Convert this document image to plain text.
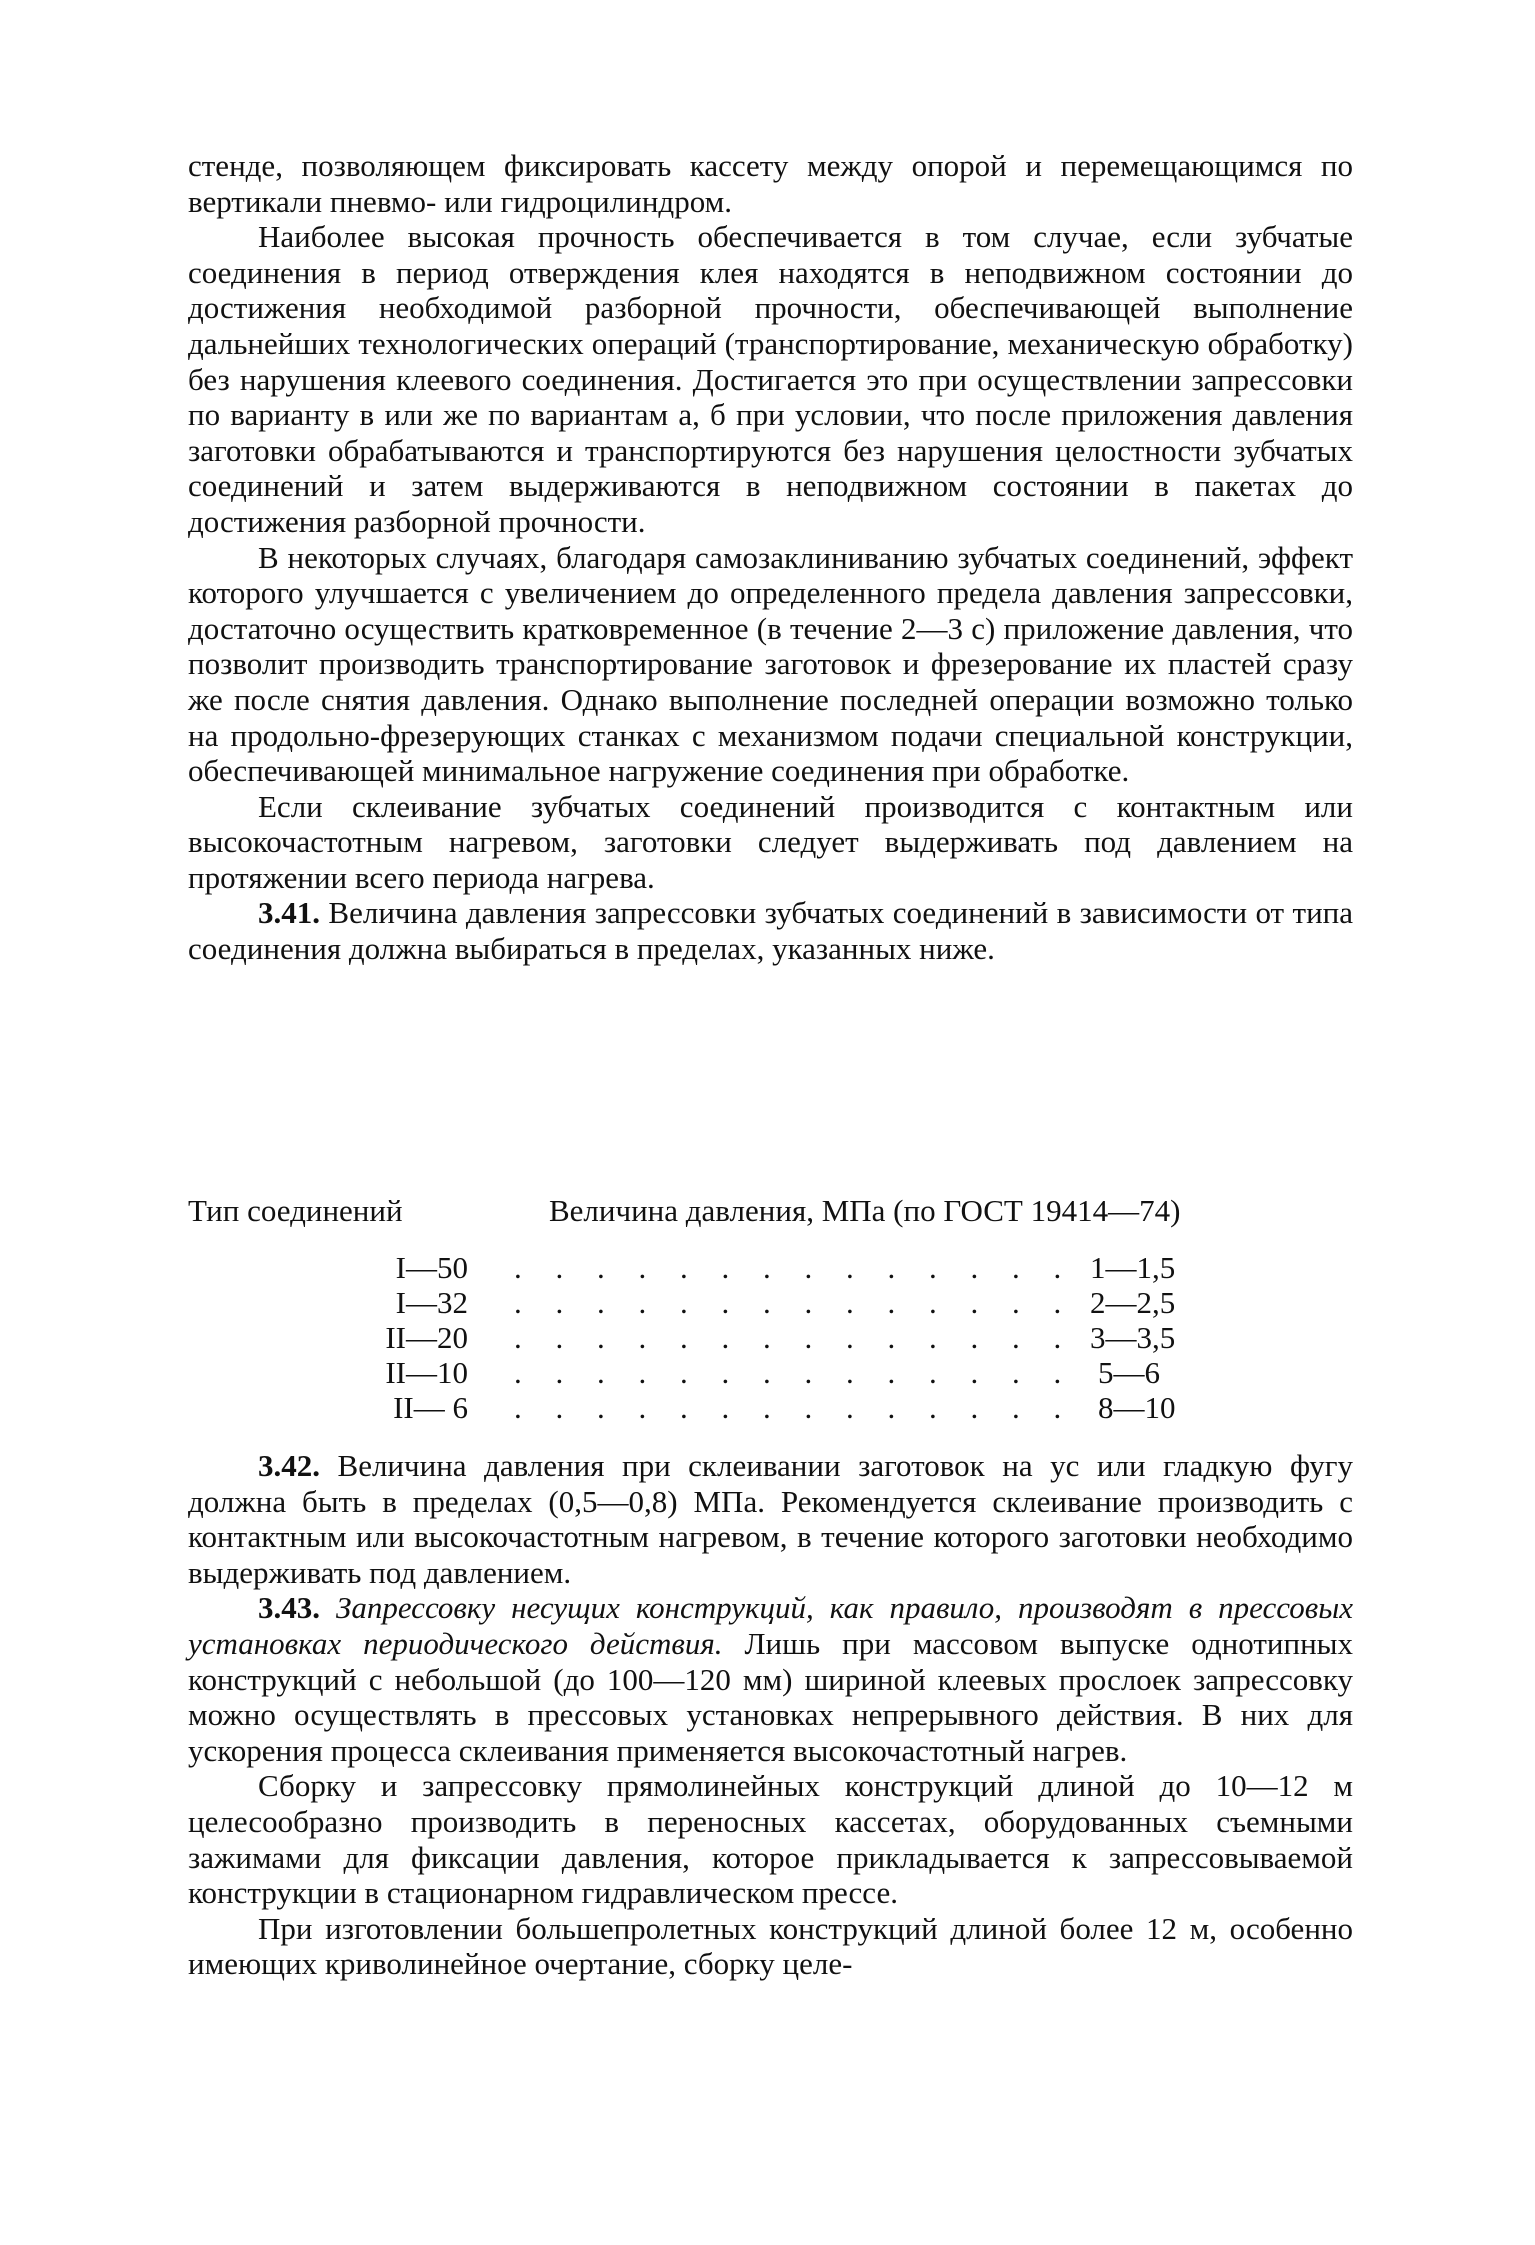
стенде, позволяющем фиксировать кассету между опорой и перемещающимся по вертикали пневмо- или гидроцилиндром.

Наиболее высокая прочность обеспечивается в том случае, если зубчатые соединения в период отверждения клея находятся в неподвижном состоянии до достижения необходимой разборной прочности, обеспечивающей выполнение дальнейших технологических операций (транспортирование, механическую обработку) без нарушения клеевого соединения. Достигается это при осуществлении запрессовки по варианту в или же по вариантам а, б при условии, что после приложения давления заготовки обрабатываются и транспортируются без нарушения целостности зубчатых соединений и затем выдерживаются в неподвижном состоянии в пакетах до достижения разборной прочности.

В некоторых случаях, благодаря самозаклиниванию зубчатых соединений, эффект которого улучшается с увеличением до определенного предела давления запрессовки, достаточно осуществить кратковременное (в течение 2—3 с) приложение давления, что позволит производить транспортирование заготовок и фрезерование их пластей сразу же после снятия давления. Однако выполнение последней операции возможно только на продольно-фрезерующих станках с механизмом подачи специальной конструкции, обеспечивающей минимальное нагружение соединения при обработке.

Если склеивание зубчатых соединений производится с контактным или высокочастотным нагревом, заготовки следует выдерживать под давлением на протяжении всего периода нагрева.

3.41. Величина давления запрессовки зубчатых соединений в зависимости от типа соединения должна выбираться в пределах, указанных ниже.

Тип соединений	Величина давления, МПа (по ГОСТ 19414—74)
I—50 . . . . . . . . . . . . . . 1—1,5
I—32 . . . . . . . . . . . . . . 2—2,5
II—20 . . . . . . . . . . . . . . 3—3,5
II—10 . . . . . . . . . . . . . . 5—6
II— 6 . . . . . . . . . . . . . . 8—10

3.42. Величина давления при склеивании заготовок на ус или гладкую фугу должна быть в пределах (0,5—0,8) МПа. Рекомендуется склеивание производить с контактным или высокочастотным нагревом, в течение которого заготовки необходимо выдерживать под давлением.

3.43. Запрессовку несущих конструкций, как правило, производят в прессовых установках периодического действия. Лишь при массовом выпуске однотипных конструкций с небольшой (до 100—120 мм) шириной клеевых прослоек запрессовку можно осуществлять в прессовых установках непрерывного действия. В них для ускорения процесса склеивания применяется высокочастотный нагрев.

Сборку и запрессовку прямолинейных конструкций длиной до 10—12 м целесообразно производить в переносных кассетах, оборудованных съемными зажимами для фиксации давления, которое прикладывается к запрессовываемой конструкции в стационарном гидравлическом прессе.

При изготовлении большепролетных конструкций длиной более 12 м, особенно имеющих криволинейное очертание, сборку целе-
